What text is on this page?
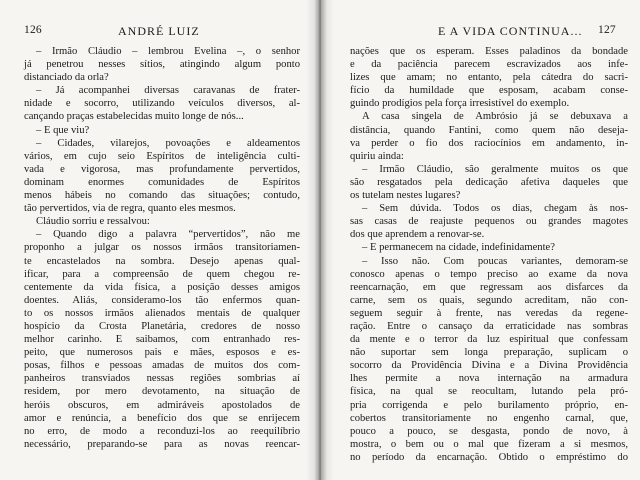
126	ANDRÉ LUIZ
– Irmão Cláudio – lembrou Evelina –, o senhor
já penetrou nesses sítios, atingindo algum ponto
distanciado da orla?
– Já acompanhei diversas caravanas de frater-
nidade e socorro, utilizando veículos diversos, al-
cançando praças estabelecidas muito longe de nós...
– E que viu?
– Cidades, vilarejos, povoações e aldeamentos
vários, em cujo seio Espíritos de inteligência culti-
vada e vigorosa, mas profundamente pervertidos,
dominam enormes comunidades de Espíritos
menos hábeis no comando das situações; contudo,
tão pervertidos, via de regra, quanto eles mesmos.
Cláudio sorriu e ressalvou:
– Quando digo a palavra “pervertidos”, não me
proponho a julgar os nossos irmãos transitoriamen-
te encastelados na sombra. Desejo apenas qual-
ificar, para a compreensão de quem chegou re-
centemente da vida física, a posição desses amigos
doentes. Aliás, consideramo-los tão enfermos quan-
to os nossos irmãos alienados mentais de qualquer
hospício da Crosta Planetária, credores de nosso
melhor carinho. E saibamos, com entranhado res-
peito, que numerosos pais e mães, esposos e es-
posas, filhos e pessoas amadas de muitos dos com-
panheiros transviados nessas regiões sombrias aí
residem, por mero devotamento, na situação de
heróis obscuros, em admiráveis apostolados de
amor e renúncia, a benefício dos que se enrijecem
no erro, de modo a reconduzi-los ao reequilíbrio
necessário, preparando-se para as novas reencar-
E A VIDA CONTINUA... 127
nações que os esperam. Esses paladinos da bondade
e da paciência parecem escravizados aos infe-
lizes que amam; no entanto, pela cátedra do sacri-
fício da humildade que esposam, acabam conse-
guindo prodígios pela força irresistível do exemplo.
A casa singela de Ambrósio já se debuxava a
distância, quando Fantini, como quem não deseja-
va perder o fio dos raciocínios em andamento, in-
quiriu ainda:
– Irmão Cláudio, são geralmente muitos os que
são resgatados pela dedicação afetiva daqueles que
os tutelam nestes lugares?
– Sem dúvida. Todos os dias, chegam às nos-
sas casas de reajuste pequenos ou grandes magotes
dos que aprendem a renovar-se.
– E permanecem na cidade, indefinidamente?
– Isso não. Com poucas variantes, demoram-se
conosco apenas o tempo preciso ao exame da nova
reencarnação, em que regressam aos disfarces da
carne, sem os quais, segundo acreditam, não con-
seguem seguir à frente, nas veredas da regene-
ração. Entre o cansaço da erraticidade nas sombras
da mente e o terror da luz espiritual que confessam
não suportar sem longa preparação, suplicam o
socorro da Providência Divina e a Divina Providência
lhes permite a nova internação na armadura
física, na qual se reocultam, lutando pela pró-
pria corrigenda e pelo burilamento próprio, en-
cobertos transitoriamente no engenho carnal, que,
pouco a pouco, se desgasta, pondo de novo, à
mostra, o bem ou o mal que fizeram a si mesmos,
no período da encarnação. Obtido o empréstimo do
